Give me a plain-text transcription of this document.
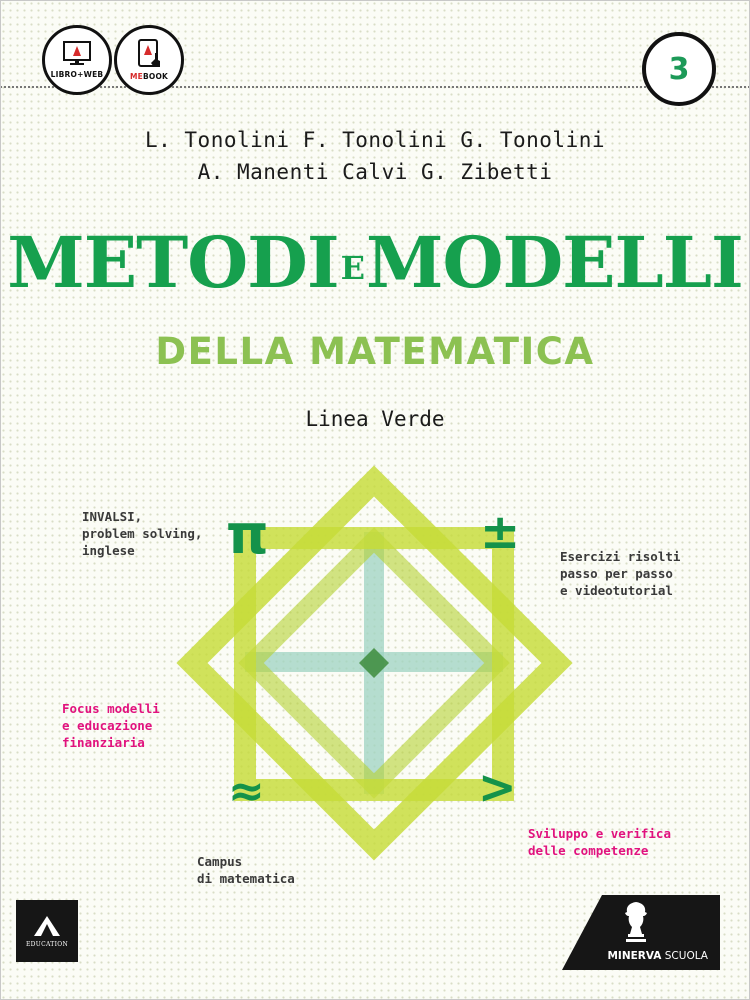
LIBRO+WEB	MEBOOK	3
L. Tonolini F. Tonolini G. Tonolini
A. Manenti Calvi G. Zibetti
METODIEMODELLI
DELLA MATEMATICA
Linea Verde
π	±
≈	>
INVALSI,
problem solving,
inglese	Esercizi risolti
passo per passo
e videotutorial
Focus modelli
e educazione
finanziaria
Campus
di matematica
Sviluppo e verifica
delle competenze
EDUCATION
MINERVA SCUOLA
